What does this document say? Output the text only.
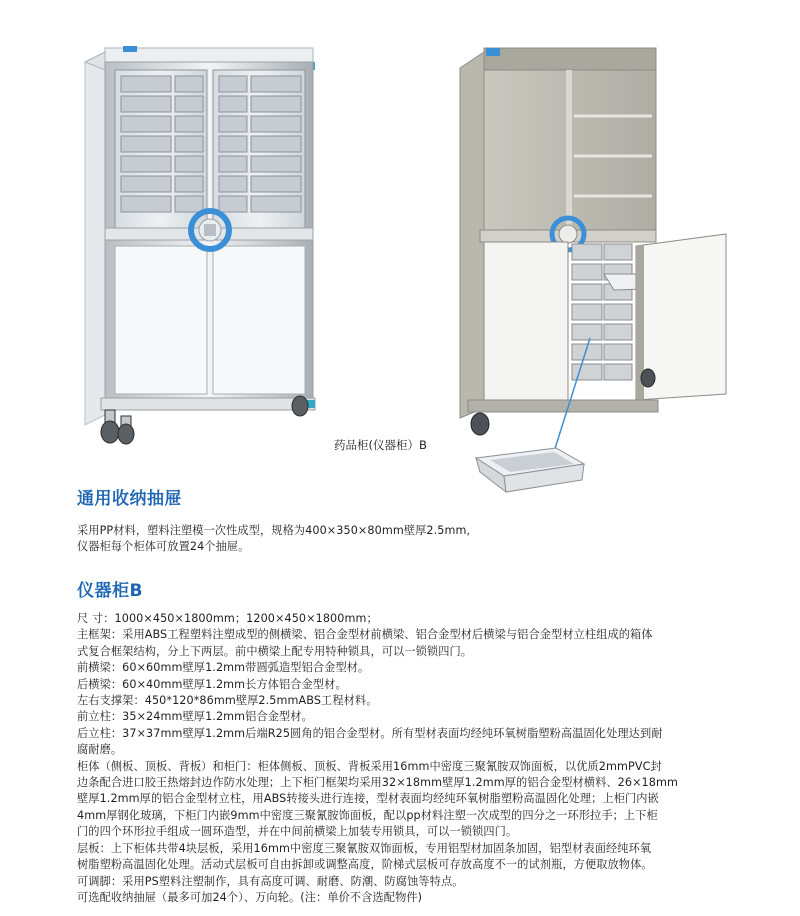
药品柜(仪器柜）B
通用收纳抽屉

采用PP材料，塑料注塑模一次性成型，规格为400×350×80mm壁厚2.5mm,
仪器柜每个柜体可放置24个抽屉。

仪器柜B

尺 寸：1000×450×1800mm；1200×450×1800mm；
主框架：采用ABS工程塑料注塑成型的侧横梁、铝合金型材前横梁、铝合金型材后横梁与铝合金型材立柱组成的箱体
式复合框架结构，分上下两层。前中横梁上配专用特种锁具，可以一锁锁四门。
前横梁：60×60mm壁厚1.2mm带圆弧造型铝合金型材。
后横梁：60×40mm壁厚1.2mm长方体铝合金型材。
左右支撑架：450*120*86mm壁厚2.5mmABS工程材料。
前立柱：35×24mm壁厚1.2mm铝合金型材。
后立柱：37×37mm壁厚1.2mm后端R25圆角的铝合金型材。所有型材表面均经纯环氧树脂塑粉高温固化处理达到耐
腐耐磨。
柜体（侧板、顶板、背板）和柜门：柜体侧板、顶板、背板采用16mm中密度三聚氰胺双饰面板，以优质2mmPVC封
边条配合进口胶王热熔封边作防水处理；上下柜门框架均采用32×18mm壁厚1.2mm厚的铝合金型材横料、26×18mm
壁厚1.2mm厚的铝合金型材立柱，用ABS转接头进行连接，型材表面均经纯环氧树脂塑粉高温固化处理；上柜门内嵌
4mm厚钢化玻璃，下柜门内嵌9mm中密度三聚氰胺饰面板，配以pp材料注塑一次成型的四分之一环形拉手；上下柜
门的四个环形拉手组成一圆环造型，并在中间前横梁上加装专用锁具，可以一锁锁四门。
层板：上下柜体共带4块层板，采用16mm中密度三聚氰胺双饰面板，专用铝型材加固条加固，铝型材表面经纯环氧
树脂塑粉高温固化处理。活动式层板可自由拆卸或调整高度，阶梯式层板可存放高度不一的试剂瓶，方便取放物体。
可调脚：采用PS塑料注塑制作，具有高度可调、耐磨、防潮、防腐蚀等特点。
可选配收纳抽屉（最多可加24个）、万向轮。(注：单价不含选配物件)
